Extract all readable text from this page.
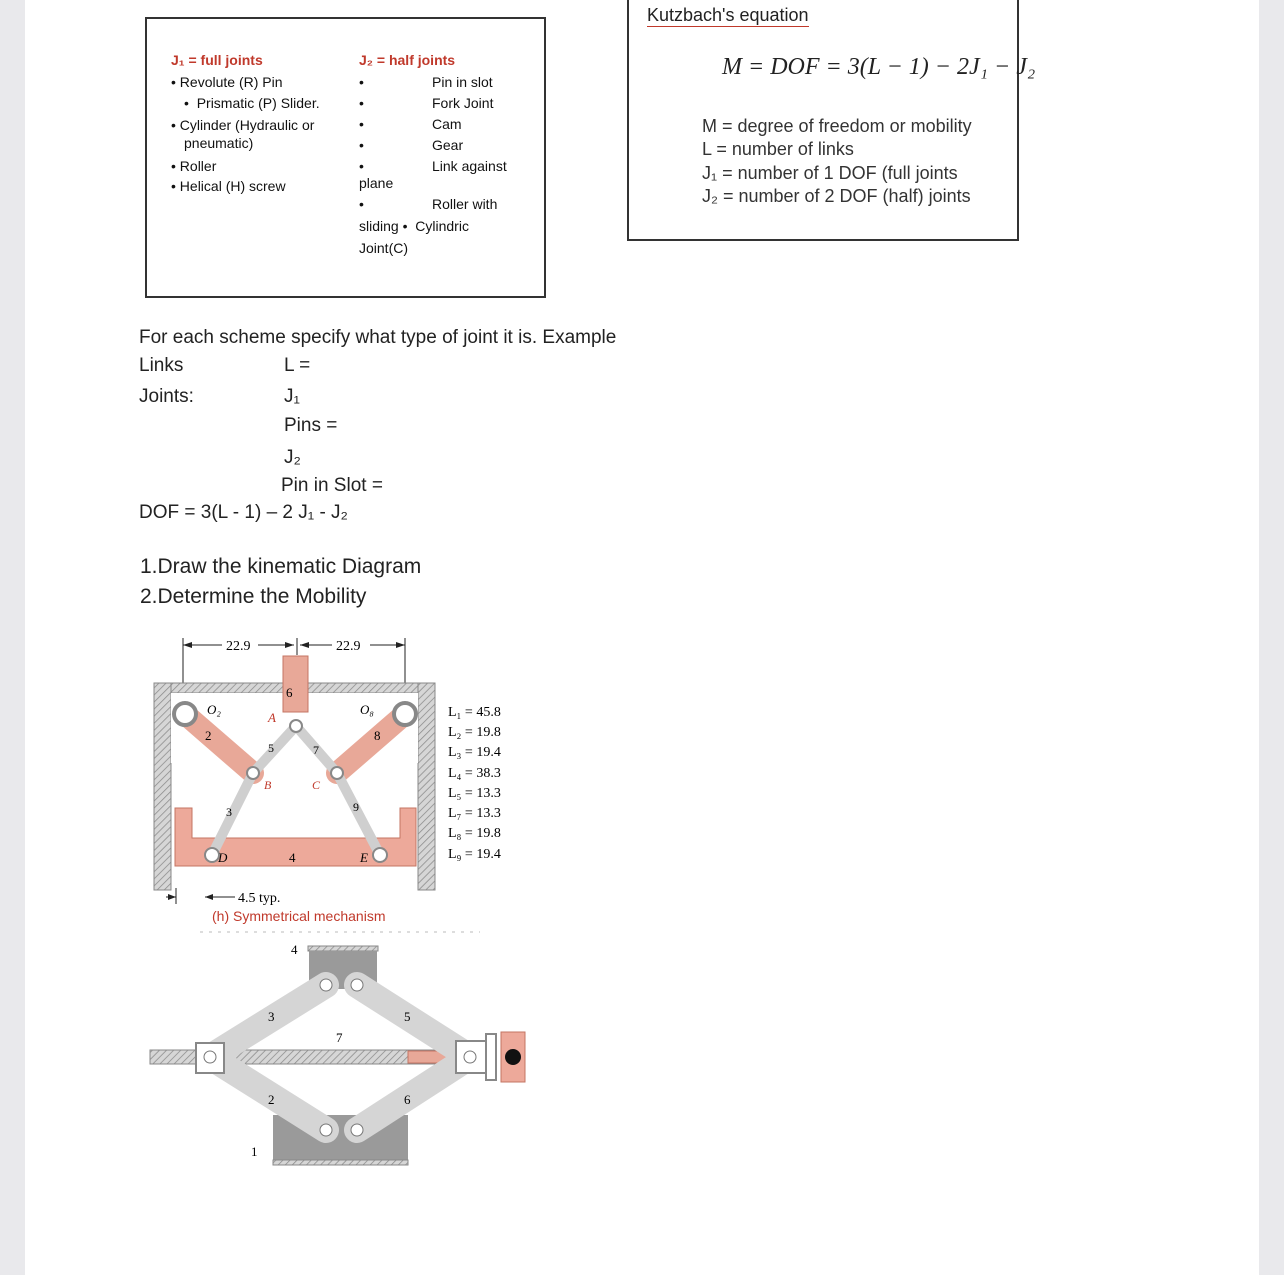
J₁ = full joints	J₂ = half joints
• Revolute (R) Pin
•  Prismatic (P) Slider.
• Cylinder (Hydraulic or
pneumatic)
• Roller
• Helical (H) screw
•
•
•
•
•
•
Pin in slot
Fork Joint
Cam
Gear
Link against
plane
Roller with
sliding •  Cylindric
Joint(C)
Kutzbach's equation
M = DOF = 3(L − 1) − 2J₁ − J₂
M = degree of freedom or mobility
L = number of links
J₁ = number of 1 DOF (full joints
J₂ = number of 2 DOF (half) joints
For each scheme specify what type of joint it is. Example
Links	L =
Joints:	J₁
Pins =
J₂
Pin in Slot =
DOF = 3(L - 1) – 2 J₁ - J₂
1.Draw the kinematic Diagram
2.Determine the Mobility
22.9	22.9
6
4
O₂	O₈
A
B	C
D	E
2	8
5	7
3	9
L₁ = 45.8
L₂ = 19.8
L₃ = 19.4
L₄ = 38.3
L₅ = 13.3
L₇ = 13.3
L₈ = 19.8
L₉ = 19.4
4.5 typ.
1
2
3
4
5
6
7
(h) Symmetrical mechanism
